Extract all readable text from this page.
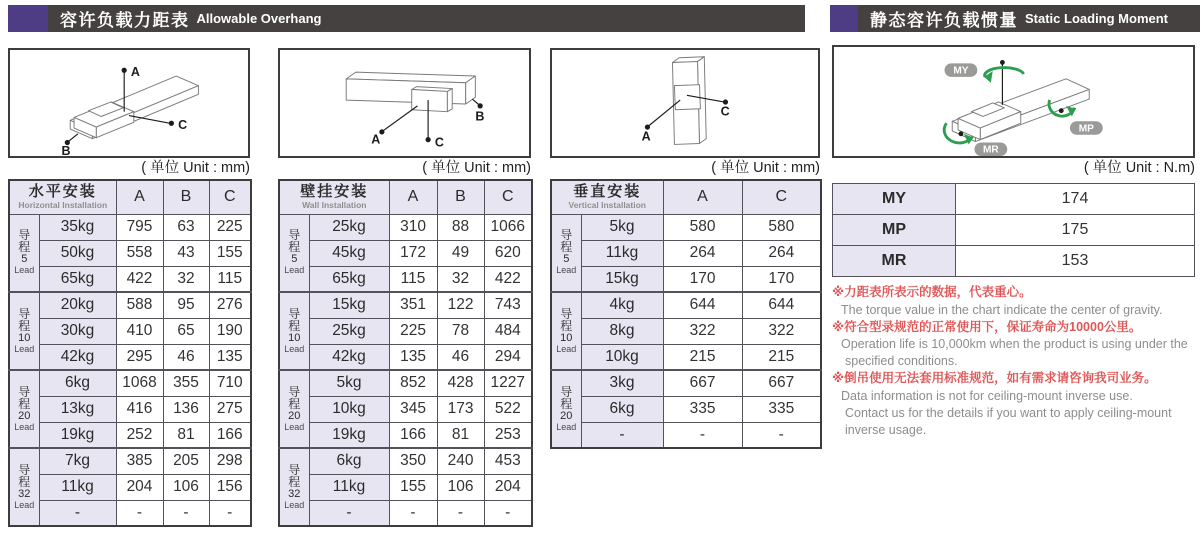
容许负载力距表 Allowable Overhang	静态容许负载惯量 Static Loading Moment
A
B
C
( 单位 Unit : mm)
水平安装
Horizontal Installation		A	B	C

导
程
5
Lead	35kg	795	63	225
	50kg	558	43	155
	65kg	422	32	115

导
程
10
Lead	20kg	588	95	276
	30kg	410	65	190
	42kg	295	46	135

导
程
20
Lead	6kg	1068	355	710
	13kg	416	136	275
	19kg	252	81	166

导
程
32
Lead	7kg	385	205	298
	11kg	204	106	156
	-	-	-	-
A
B
C
( 单位 Unit : mm)
壁挂安装
Wall Installation		A	B	C

导
程
5
Lead	25kg	310	88	1066
	45kg	172	49	620
	65kg	115	32	422

导
程
10
Lead	15kg	351	122	743
	25kg	225	78	484
	42kg	135	46	294

导
程
20
Lead	5kg	852	428	1227
	10kg	345	173	522
	19kg	166	81	253

导
程
32
Lead	6kg	350	240	453
	11kg	155	106	204
	-	-	-	-
A
C
( 单位 Unit : mm)
垂直安装
Vertical Installation		A	C

导
程
5
Lead	5kg	580	580
	11kg	264	264
	15kg	170	170

导
程
10
Lead	4kg	644	644
	8kg	322	322
	10kg	215	215

导
程
20
Lead	3kg	667	667
	6kg	335	335
	-	-	-
MY
MP
MR
( 单位 Unit : N.m)
MY	174
MP	175
MR	153
※力距表所表示的数据，代表重心。
The torque value in the chart indicate the center of gravity.
※符合型录规范的正常使用下，保证寿命为10000公里。
Operation life is 10,000km when the product is using under the
specified conditions.
※倒吊使用无法套用标准规范，如有需求请咨询我司业务。
Data information is not for ceiling-mount inverse use.
Contact us for the details if you want to apply ceiling-mount
inverse usage.
